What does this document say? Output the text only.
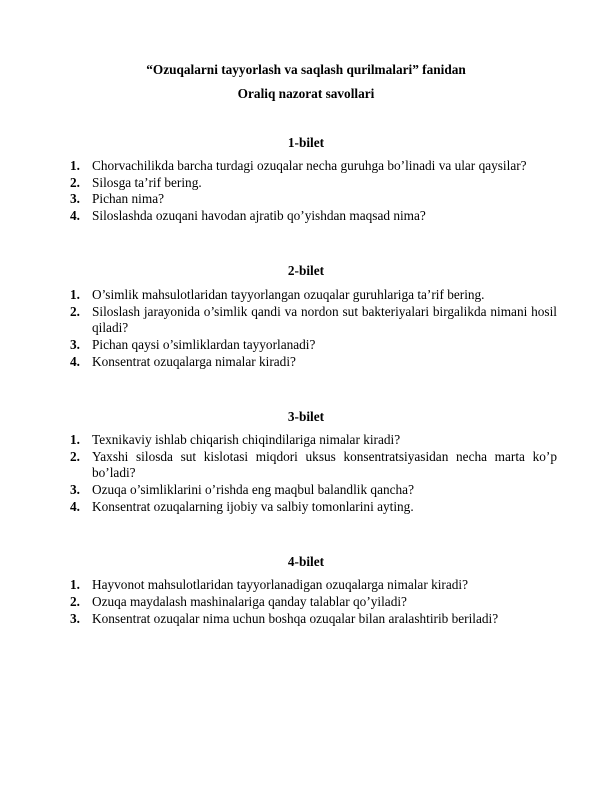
“Ozuqalarni tayyorlash va saqlash qurilmalari” fanidan
Oraliq nazorat savollari
1-bilet
1. Chorvachilikda barcha turdagi ozuqalar necha guruhga bo’linadi va ular qaysilar?
2. Silosga ta’rif bering.
3. Pichan nima?
4. Siloslashda ozuqani havodan ajratib qo’yishdan maqsad nima?
2-bilet
1. O’simlik mahsulotlaridan tayyorlangan ozuqalar guruhlariga ta’rif bering.
2. Siloslash jarayonida o’simlik qandi va nordon sut bakteriyalari birgalikda nimani hosil qiladi?
3. Pichan qaysi o’simliklardan tayyorlanadi?
4. Konsentrat ozuqalarga nimalar kiradi?
3-bilet
1. Texnikaviy ishlab chiqarish chiqindilariga nimalar kiradi?
2. Yaxshi silosda sut kislotasi miqdori uksus konsentratsiyasidan necha marta ko’p bo’ladi?
3. Ozuqa o’simliklarini o’rishda eng maqbul balandlik qancha?
4. Konsentrat ozuqalarning ijobiy va salbiy tomonlarini ayting.
4-bilet
1. Hayvonot mahsulotlaridan tayyorlanadigan ozuqalarga nimalar kiradi?
2. Ozuqa maydalash mashinalariga qanday talablar qo’yiladi?
3. Konsentrat ozuqalar nima uchun boshqa ozuqalar bilan aralashtirib beriladi?
